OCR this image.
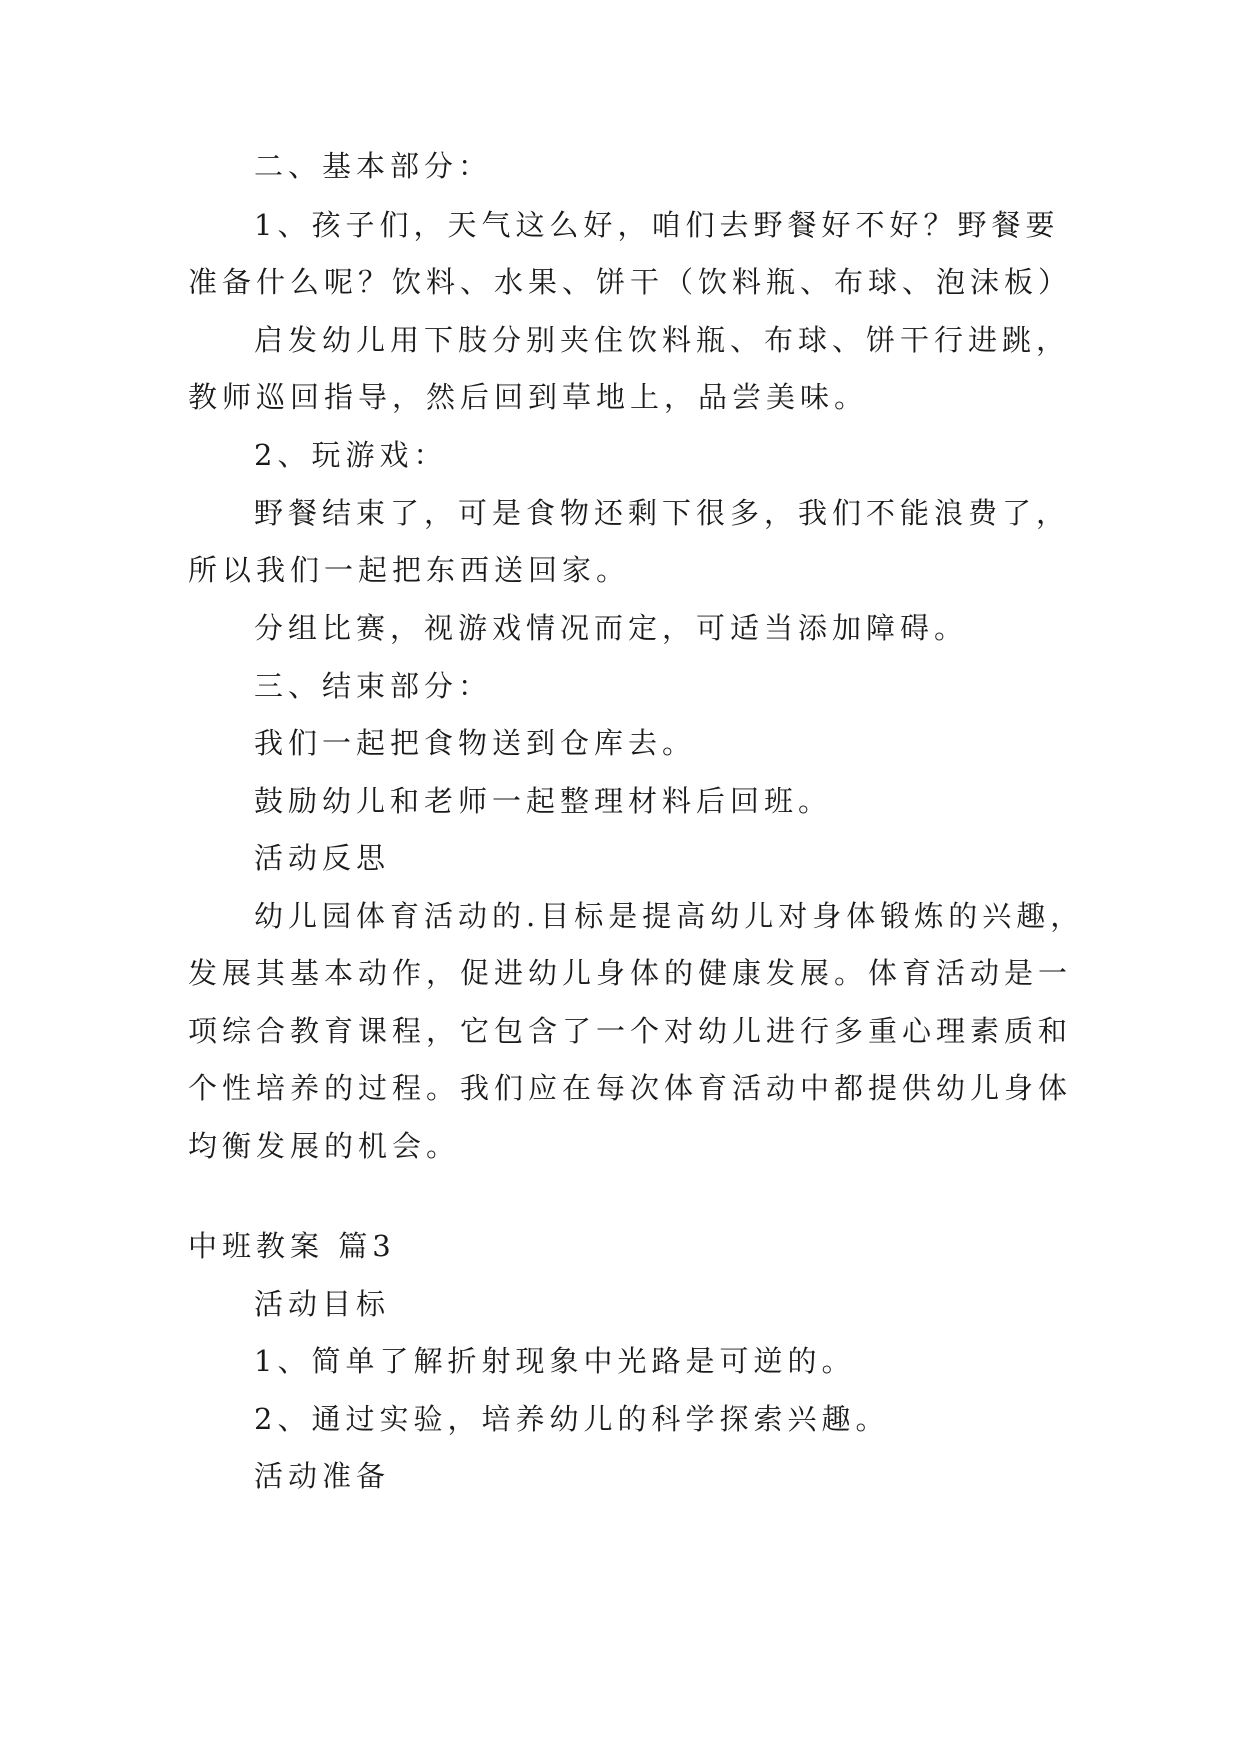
二、基本部分：
1、孩子们，天气这么好，咱们去野餐好不好？野餐要
准备什么呢？饮料、水果、饼干（饮料瓶、布球、泡沫板）
启发幼儿用下肢分别夹住饮料瓶、布球、饼干行进跳，
教师巡回指导，然后回到草地上，品尝美味。
2、玩游戏：
野餐结束了，可是食物还剩下很多，我们不能浪费了，
所以我们一起把东西送回家。
分组比赛，视游戏情况而定，可适当添加障碍。
三、结束部分：
我们一起把食物送到仓库去。
鼓励幼儿和老师一起整理材料后回班。
活动反思
幼儿园体育活动的.目标是提高幼儿对身体锻炼的兴趣，
发展其基本动作，促进幼儿身体的健康发展。体育活动是一
项综合教育课程，它包含了一个对幼儿进行多重心理素质和
个性培养的过程。我们应在每次体育活动中都提供幼儿身体
均衡发展的机会。
中班教案 篇3
活动目标
1、简单了解折射现象中光路是可逆的。
2、通过实验，培养幼儿的科学探索兴趣。
活动准备
